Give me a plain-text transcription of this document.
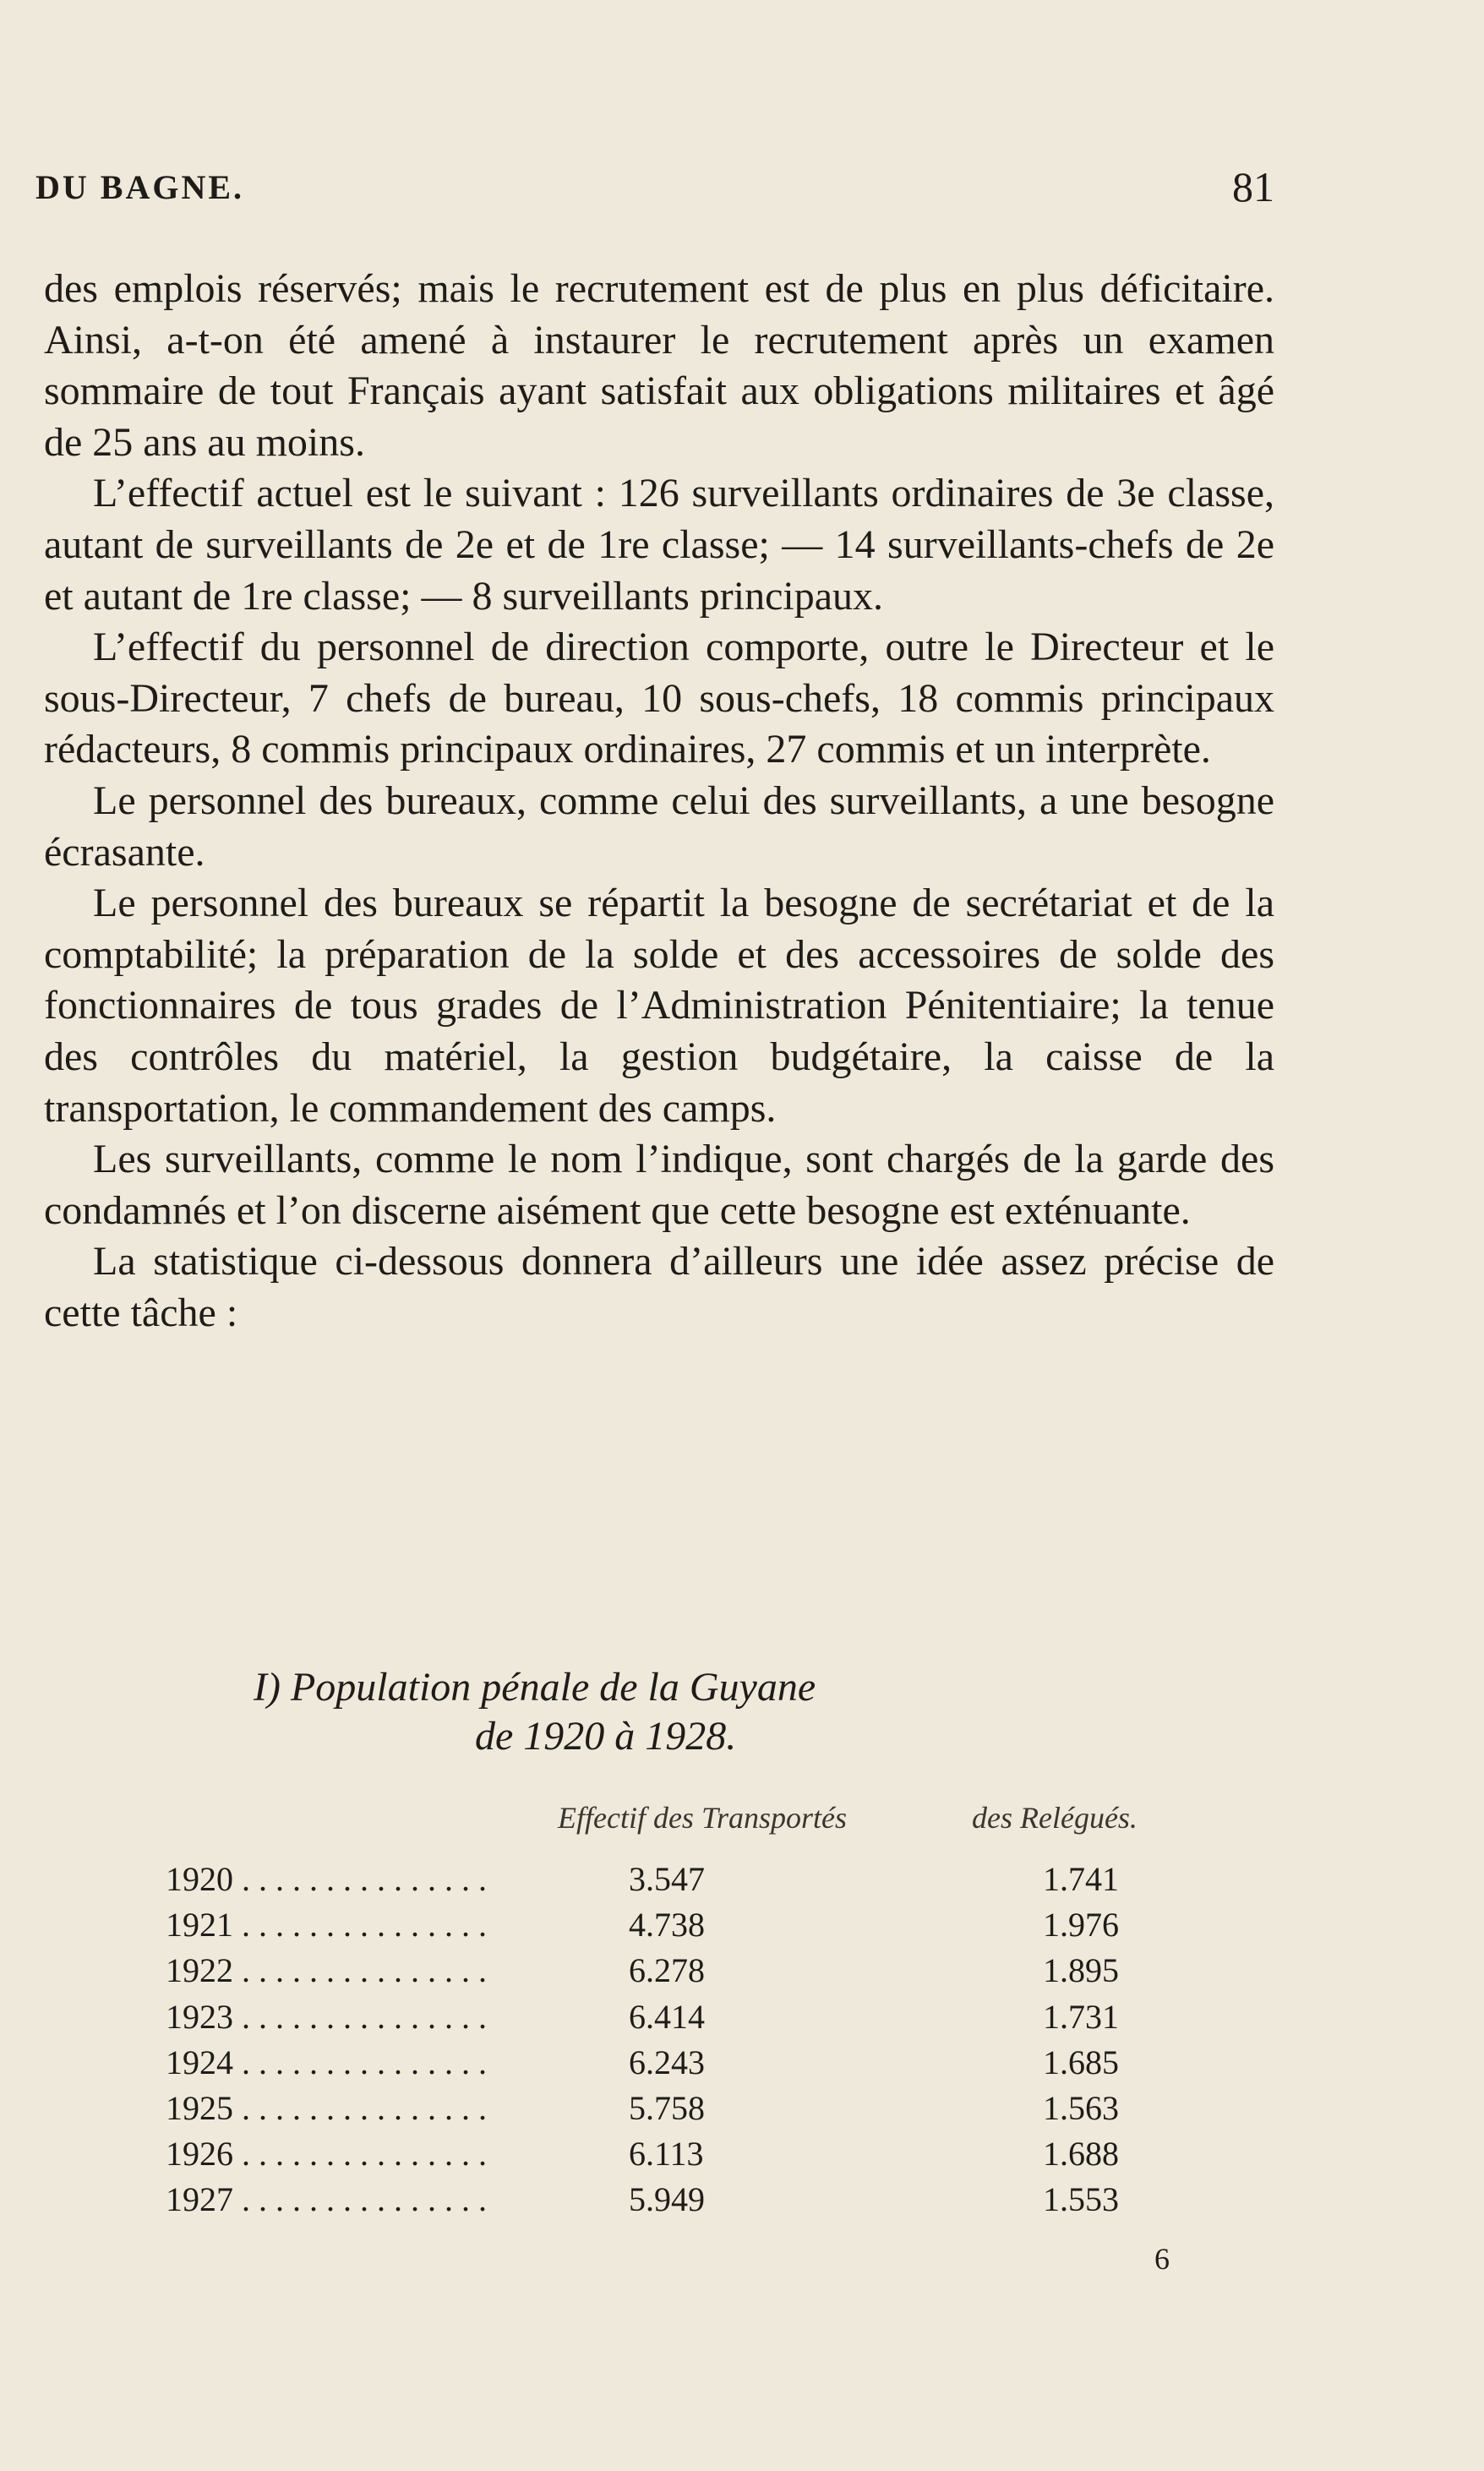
DU BAGNE.	81

des emplois réservés; mais le recrutement est de plus en plus déficitaire. Ainsi, a-t-on été amené à instaurer le recrutement après un examen sommaire de tout Français ayant satisfait aux obligations militaires et âgé de 25 ans au moins.

L’effectif actuel est le suivant : 126 surveillants ordinaires de 3e classe, autant de surveillants de 2e et de 1re classe; — 14 surveillants-chefs de 2e et autant de 1re classe; — 8 surveillants principaux.

L’effectif du personnel de direction comporte, outre le Directeur et le sous-Directeur, 7 chefs de bureau, 10 sous-chefs, 18 commis principaux rédacteurs, 8 commis principaux ordinaires, 27 commis et un interprète.

Le personnel des bureaux, comme celui des surveillants, a une besogne écrasante.

Le personnel des bureaux se répartit la besogne de secrétariat et de la comptabilité; la préparation de la solde et des accessoires de solde des fonctionnaires de tous grades de l’Administration Pénitentiaire; la tenue des contrôles du matériel, la gestion budgétaire, la caisse de la transportation, le commandement des camps.

Les surveillants, comme le nom l’indique, sont chargés de la garde des condamnés et l’on discerne aisément que cette besogne est exténuante.

La statistique ci-dessous donnera d’ailleurs une idée assez précise de cette tâche :

I) Population pénale de la Guyane
de 1920 à 1928.
Effectif des Transportés	des Relégués.
1920 . . . . . . . . . . . . . . .	3.547	1.741
1921 . . . . . . . . . . . . . . .	4.738	1.976
1922 . . . . . . . . . . . . . . .	6.278	1.895
1923 . . . . . . . . . . . . . . .	6.414	1.731
1924 . . . . . . . . . . . . . . .	6.243	1.685
1925 . . . . . . . . . . . . . . .	5.758	1.563
1926 . . . . . . . . . . . . . . .	6.113	1.688
1927 . . . . . . . . . . . . . . .	5.949	1.553
6
